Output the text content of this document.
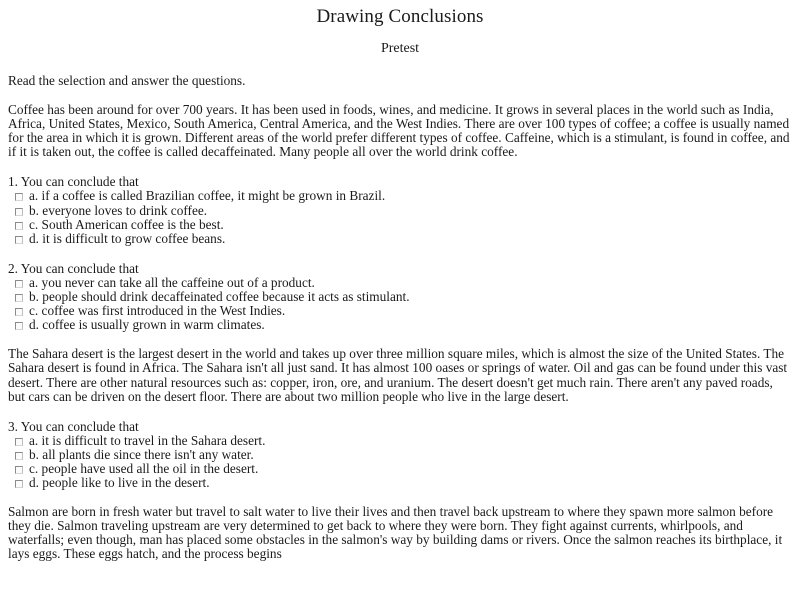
Drawing Conclusions
Pretest

Read the selection and answer the questions.

Coffee has been around for over 700 years. It has been used in foods, wines, and medicine. It grows in several places in the world such as India, Africa, United States, Mexico, South America, Central America, and the West Indies. There are over 100 types of coffee; a coffee is usually named for the area in which it is grown. Different areas of the world prefer different types of coffee. Caffeine, which is a stimulant, is found in coffee, and if it is taken out, the coffee is called decaffeinated. Many people all over the world drink coffee.

1. You can conclude that

a. if a coffee is called Brazilian coffee, it might be grown in Brazil.
b. everyone loves to drink coffee.
c. South American coffee is the best.
d. it is difficult to grow coffee beans.

2. You can conclude that

a. you never can take all the caffeine out of a product.
b. people should drink decaffeinated coffee because it acts as stimulant.
c. coffee was first introduced in the West Indies.
d. coffee is usually grown in warm climates.

The Sahara desert is the largest desert in the world and takes up over three million square miles, which is almost the size of the United States. The Sahara desert is found in Africa. The Sahara isn't all just sand. It has almost 100 oases or springs of water. Oil and gas can be found under this vast desert. There are other natural resources such as: copper, iron, ore, and uranium. The desert doesn't get much rain. There aren't any paved roads, but cars can be driven on the desert floor. There are about two million people who live in the large desert.

3. You can conclude that

a. it is difficult to travel in the Sahara desert.
b. all plants die since there isn't any water.
c. people have used all the oil in the desert.
d. people like to live in the desert.

Salmon are born in fresh water but travel to salt water to live their lives and then travel back upstream to where they spawn more salmon before they die. Salmon traveling upstream are very determined to get back to where they were born. They fight against currents, whirlpools, and waterfalls; even though, man has placed some obstacles in the salmon's way by building dams or rivers. Once the salmon reaches its birthplace, it lays eggs. These eggs hatch, and the process begins
